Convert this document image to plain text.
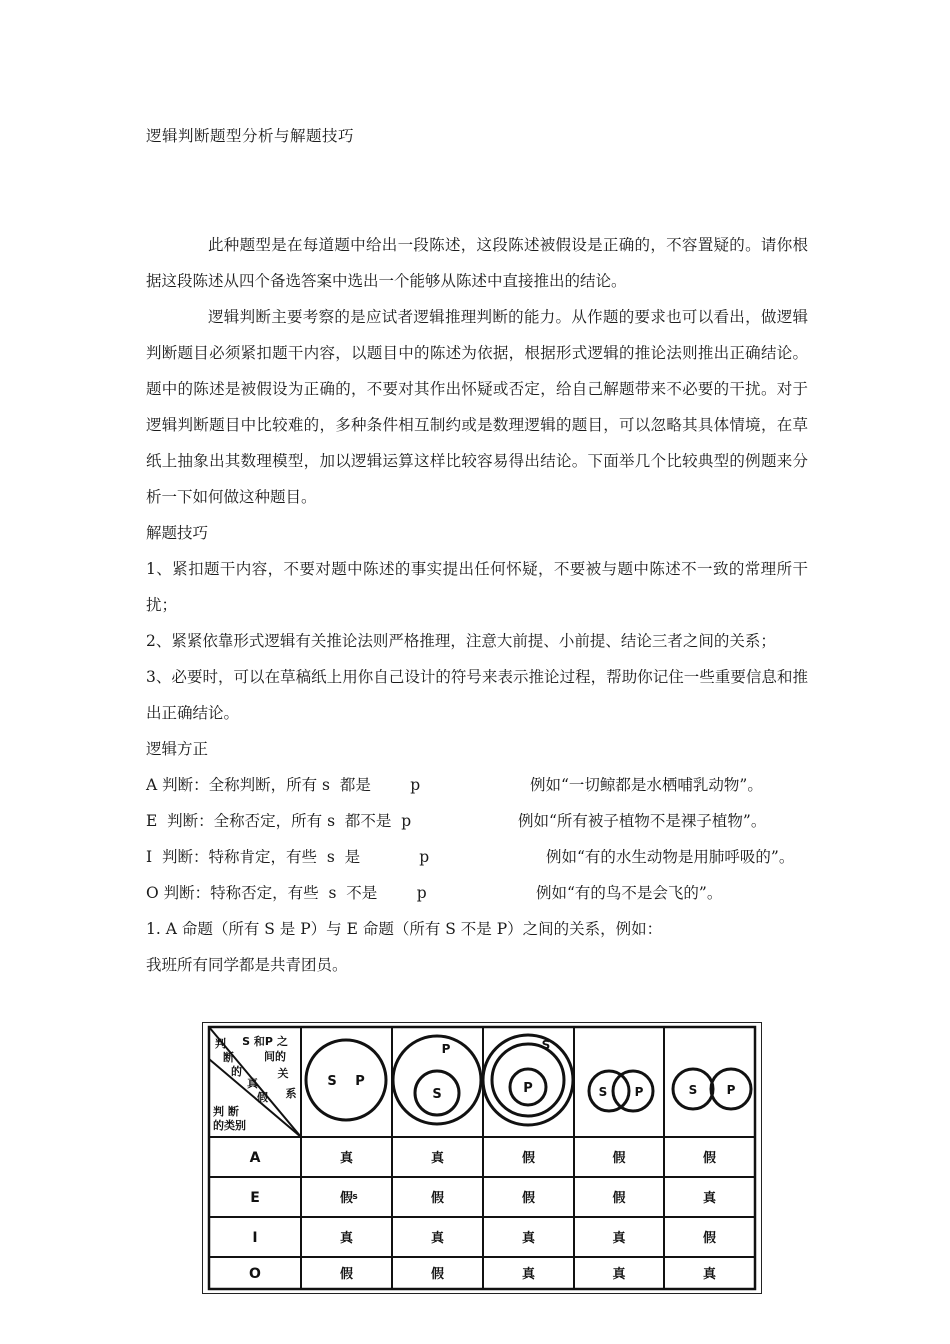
逻辑判断题型分析与解题技巧

此种题型是在每道题中给出一段陈述，这段陈述被假设是正确的，不容置疑的。请你根据这段陈述从四个备选答案中选出一个能够从陈述中直接推出的结论。

逻辑判断主要考察的是应试者逻辑推理判断的能力。从作题的要求也可以看出，做逻辑判断题目必须紧扣题干内容，以题目中的陈述为依据，根据形式逻辑的推论法则推出正确结论。题中的陈述是被假设为正确的，不要对其作出怀疑或否定，给自己解题带来不必要的干扰。对于逻辑判断题目中比较难的，多种条件相互制约或是数理逻辑的题目，可以忽略其具体情境，在草纸上抽象出其数理模型，加以逻辑运算这样比较容易得出结论。下面举几个比较典型的例题来分析一下如何做这种题目。

解题技巧

1、紧扣题干内容，不要对题中陈述的事实提出任何怀疑，不要被与题中陈述不一致的常理所干扰；

2、紧紧依靠形式逻辑有关推论法则严格推理，注意大前提、小前提、结论三者之间的关系；

3、必要时，可以在草稿纸上用你自己设计的符号来表示推论过程，帮助你记住一些重要信息和推出正确结论。

逻辑方正

A 判断：全称判断，所有 s  都是        p	例如“一切鲸都是水栖哺乳动物”。
E  判断：全称否定，所有 s  都不是  p	例如“所有被子植物不是裸子植物”。
I  判断：特称肯定，有些  s  是            p	例如“有的水生动物是用肺呼吸的”。
O 判断：特称否定，有些  s  不是        p	例如“有的鸟不是会飞的”。

1. A 命题（所有 S 是 P）与 E 命题（所有 S 不是 P）之间的关系，例如：

我班所有同学都是共青团员。

S 和P 之
间的
关
系
判
断
的
真
假
判 断
的类别
S P
P
S
S
P	S P	S P
A	真	真	假	假	假
E	假	假	假	假	真
I	真	真	真	真	假
O	假	假	真	真	真
s
